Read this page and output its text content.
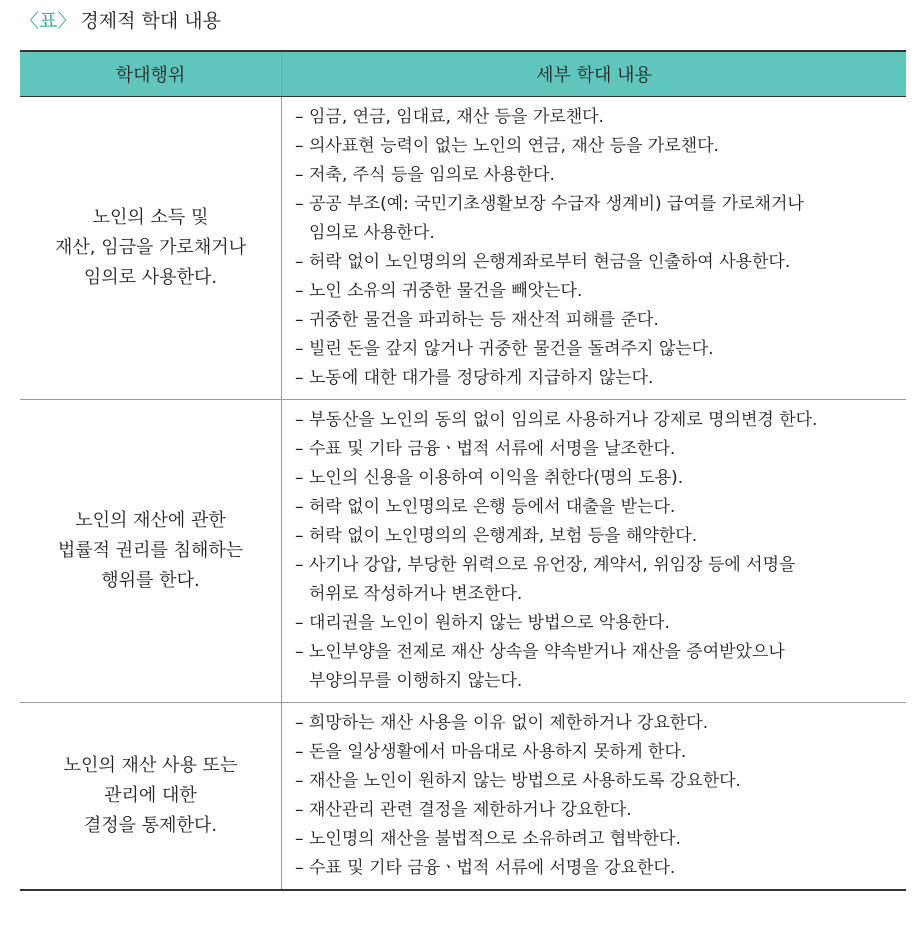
〈표〉 경제적 학대 내용
학대행위	세부 학대 내용
노인의 소득 및
재산, 임금을 가로채거나
임의로 사용한다.
– 임금, 연금, 임대료, 재산 등을 가로챈다.
– 의사표현 능력이 없는 노인의 연금, 재산 등을 가로챈다.
– 저축, 주식 등을 임의로 사용한다.
– 공공 부조(예: 국민기초생활보장 수급자 생계비) 급여를 가로채거나
임의로 사용한다.
– 허락 없이 노인명의의 은행계좌로부터 현금을 인출하여 사용한다.
– 노인 소유의 귀중한 물건을 빼앗는다.
– 귀중한 물건을 파괴하는 등 재산적 피해를 준다.
– 빌린 돈을 갚지 않거나 귀중한 물건을 돌려주지 않는다.
– 노동에 대한 대가를 정당하게 지급하지 않는다.
노인의 재산에 관한
법률적 권리를 침해하는
행위를 한다.
– 부동산을 노인의 동의 없이 임의로 사용하거나 강제로 명의변경 한다.
– 수표 및 기타 금융ㆍ법적 서류에 서명을 날조한다.
– 노인의 신용을 이용하여 이익을 취한다(명의 도용).
– 허락 없이 노인명의로 은행 등에서 대출을 받는다.
– 허락 없이 노인명의의 은행계좌, 보험 등을 해약한다.
– 사기나 강압, 부당한 위력으로 유언장, 계약서, 위임장 등에 서명을
허위로 작성하거나 변조한다.
– 대리권을 노인이 원하지 않는 방법으로 악용한다.
– 노인부양을 전제로 재산 상속을 약속받거나 재산을 증여받았으나
부양의무를 이행하지 않는다.
노인의 재산 사용 또는
관리에 대한
결정을 통제한다.
– 희망하는 재산 사용을 이유 없이 제한하거나 강요한다.
– 돈을 일상생활에서 마음대로 사용하지 못하게 한다.
– 재산을 노인이 원하지 않는 방법으로 사용하도록 강요한다.
– 재산관리 관련 결정을 제한하거나 강요한다.
– 노인명의 재산을 불법적으로 소유하려고 협박한다.
– 수표 및 기타 금융ㆍ법적 서류에 서명을 강요한다.
